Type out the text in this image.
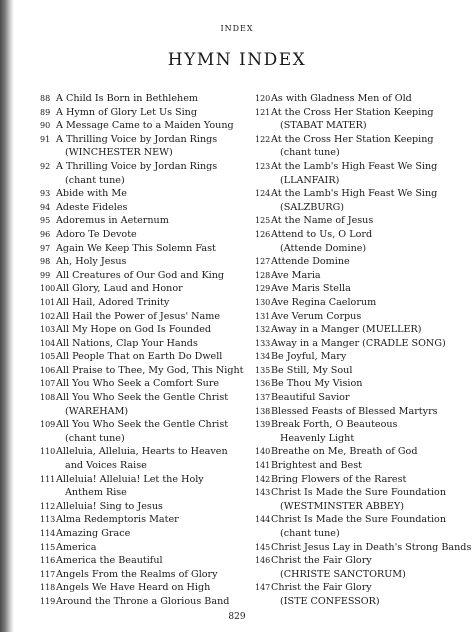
INDEX
HYMN INDEX
88 A Child Is Born in Bethlehem
89 A Hymn of Glory Let Us Sing
90 A Message Came to a Maiden Young
91 A Thrilling Voice by Jordan Rings
(WINCHESTER NEW)
92 A Thrilling Voice by Jordan Rings
(chant tune)
93 Abide with Me
94 Adeste Fideles
95 Adoremus in Aeternum
96 Adoro Te Devote
97 Again We Keep This Solemn Fast
98 Ah, Holy Jesus
99 All Creatures of Our God and King
100 All Glory, Laud and Honor
101 All Hail, Adored Trinity
102 All Hail the Power of Jesus' Name
103 All My Hope on God Is Founded
104 All Nations, Clap Your Hands
105 All People That on Earth Do Dwell
106 All Praise to Thee, My God, This Night
107 All You Who Seek a Comfort Sure
108 All You Who Seek the Gentle Christ
(WAREHAM)
109 All You Who Seek the Gentle Christ
(chant tune)
110 Alleluia, Alleluia, Hearts to Heaven
and Voices Raise
111 Alleluia! Alleluia! Let the Holy
Anthem Rise
112 Alleluia! Sing to Jesus
113 Alma Redemptoris Mater
114 Amazing Grace
115 America
116 America the Beautiful
117 Angels From the Realms of Glory
118 Angels We Have Heard on High
119 Around the Throne a Glorious Band
120 As with Gladness Men of Old
121 At the Cross Her Station Keeping
(STABAT MATER)
122 At the Cross Her Station Keeping
(chant tune)
123 At the Lamb's High Feast We Sing
(LLANFAIR)
124 At the Lamb's High Feast We Sing
(SALZBURG)
125 At the Name of Jesus
126 Attend to Us, O Lord
(Attende Domine)
127 Attende Domine
128 Ave Maria
129 Ave Maris Stella
130 Ave Regina Caelorum
131 Ave Verum Corpus
132 Away in a Manger (MUELLER)
133 Away in a Manger (CRADLE SONG)
134 Be Joyful, Mary
135 Be Still, My Soul
136 Be Thou My Vision
137 Beautiful Savior
138 Blessed Feasts of Blessed Martyrs
139 Break Forth, O Beauteous
Heavenly Light
140 Breathe on Me, Breath of God
141 Brightest and Best
142 Bring Flowers of the Rarest
143 Christ Is Made the Sure Foundation
(WESTMINSTER ABBEY)
144 Christ Is Made the Sure Foundation
(chant tune)
145 Christ Jesus Lay in Death's Strong Bands
146 Christ the Fair Glory
(CHRISTE SANCTORUM)
147 Christ the Fair Glory
(ISTE CONFESSOR)
829
